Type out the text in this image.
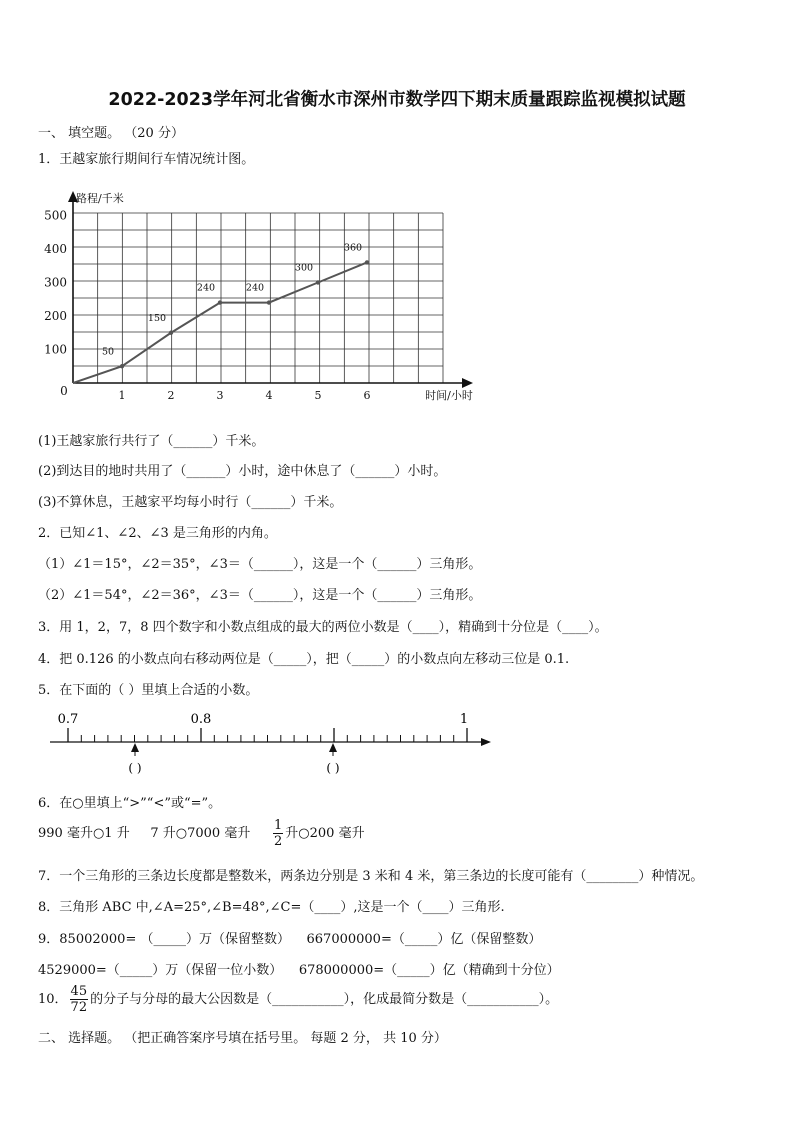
2022-2023学年河北省衡水市深州市数学四下期末质量跟踪监视模拟试题
一、 填空题。 （20 分）
1．王越家旅行期间行车情况统计图。
路程/千米
时间/小时
0	1	2	3	4	5	6
100
200
300
400
500
50
150
240	240
300
360
(1)王越家旅行共行了（______）千米。
(2)到达目的地时共用了（______）小时，途中休息了（______）小时。
(3)不算休息，王越家平均每小时行（______）千米。
2．已知∠1、∠2、∠3 是三角形的内角。
（1）∠1＝15°，∠2＝35°，∠3＝（______），这是一个（______）三角形。
（2）∠1＝54°，∠2＝36°，∠3＝（______），这是一个（______）三角形。
3．用 1，2，7，8 四个数字和小数点组成的最大的两位小数是（____），精确到十分位是（____）。
4．把 0.126 的小数点向右移动两位是（_____），把（_____）的小数点向左移动三位是 0.1.
5．在下面的（ ）里填上合适的小数。
0.7	0.8	1
( )	( )
6．在○里填上“>”“<”或“=”。
990 毫升○1 升 7 升○7000 毫升 $\frac{1}{2}$ 升○200 毫升
7．一个三角形的三条边长度都是整数米，两条边分别是 3 米和 4 米，第三条边的长度可能有（________）种情况。
8．三角形 ABC 中,∠A=25°,∠B=48°,∠C=（____）,这是一个（____）三角形.
9．85002000= （_____）万（保留整数） 667000000=（_____）亿（保留整数）
4529000=（_____）万（保留一位小数） 678000000=（_____）亿（精确到十分位）
10． $\frac{45}{72}$ 的分子与分母的最大公因数是（___________），化成最简分数是（___________）。
二、 选择题。 （把正确答案序号填在括号里。 每题 2 分， 共 10 分）
